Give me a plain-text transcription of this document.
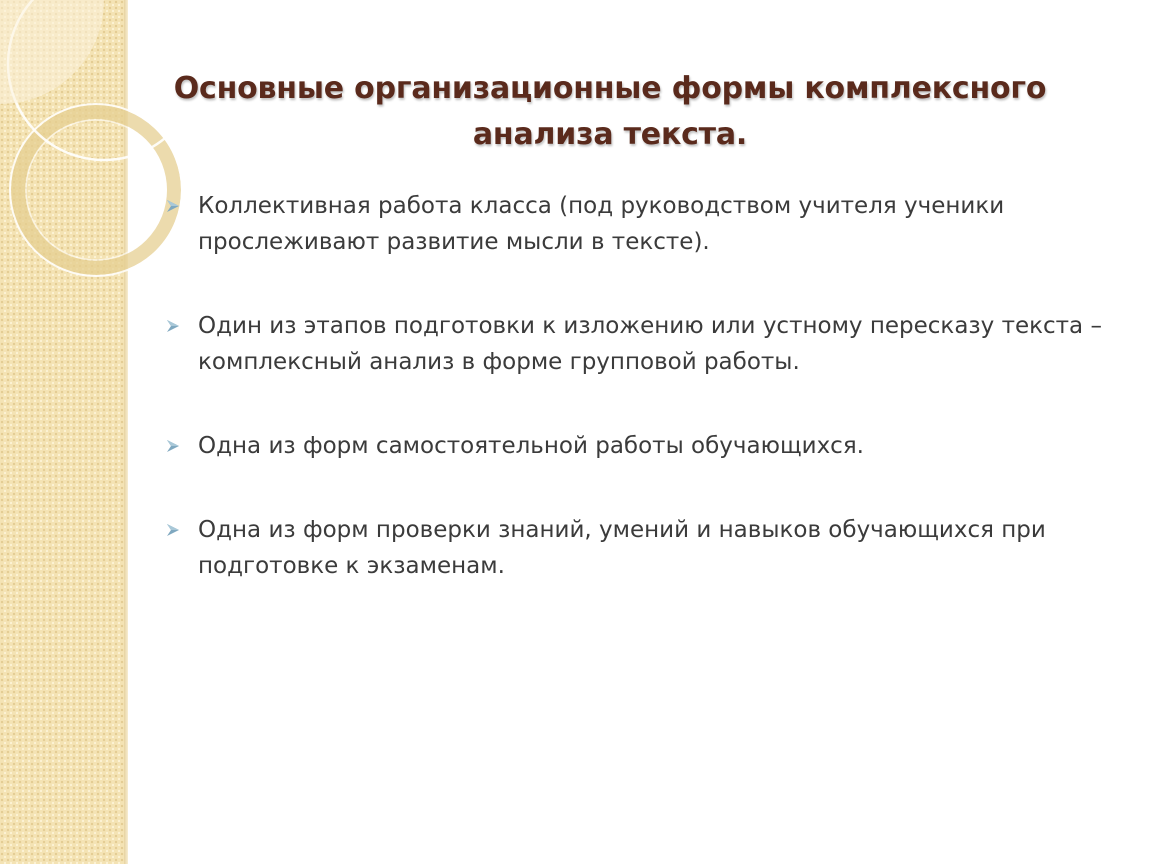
Основные организационные формы комплексного анализа текста.

Коллективная работа класса (под руководством учителя ученики прослеживают развитие мысли в тексте).

Один из этапов подготовки к изложению или устному пересказу текста – комплексный анализ в форме групповой работы.

Одна из форм самостоятельной работы обучающихся.

Одна из форм проверки знаний, умений и навыков обучающихся при подготовке к экзаменам.
